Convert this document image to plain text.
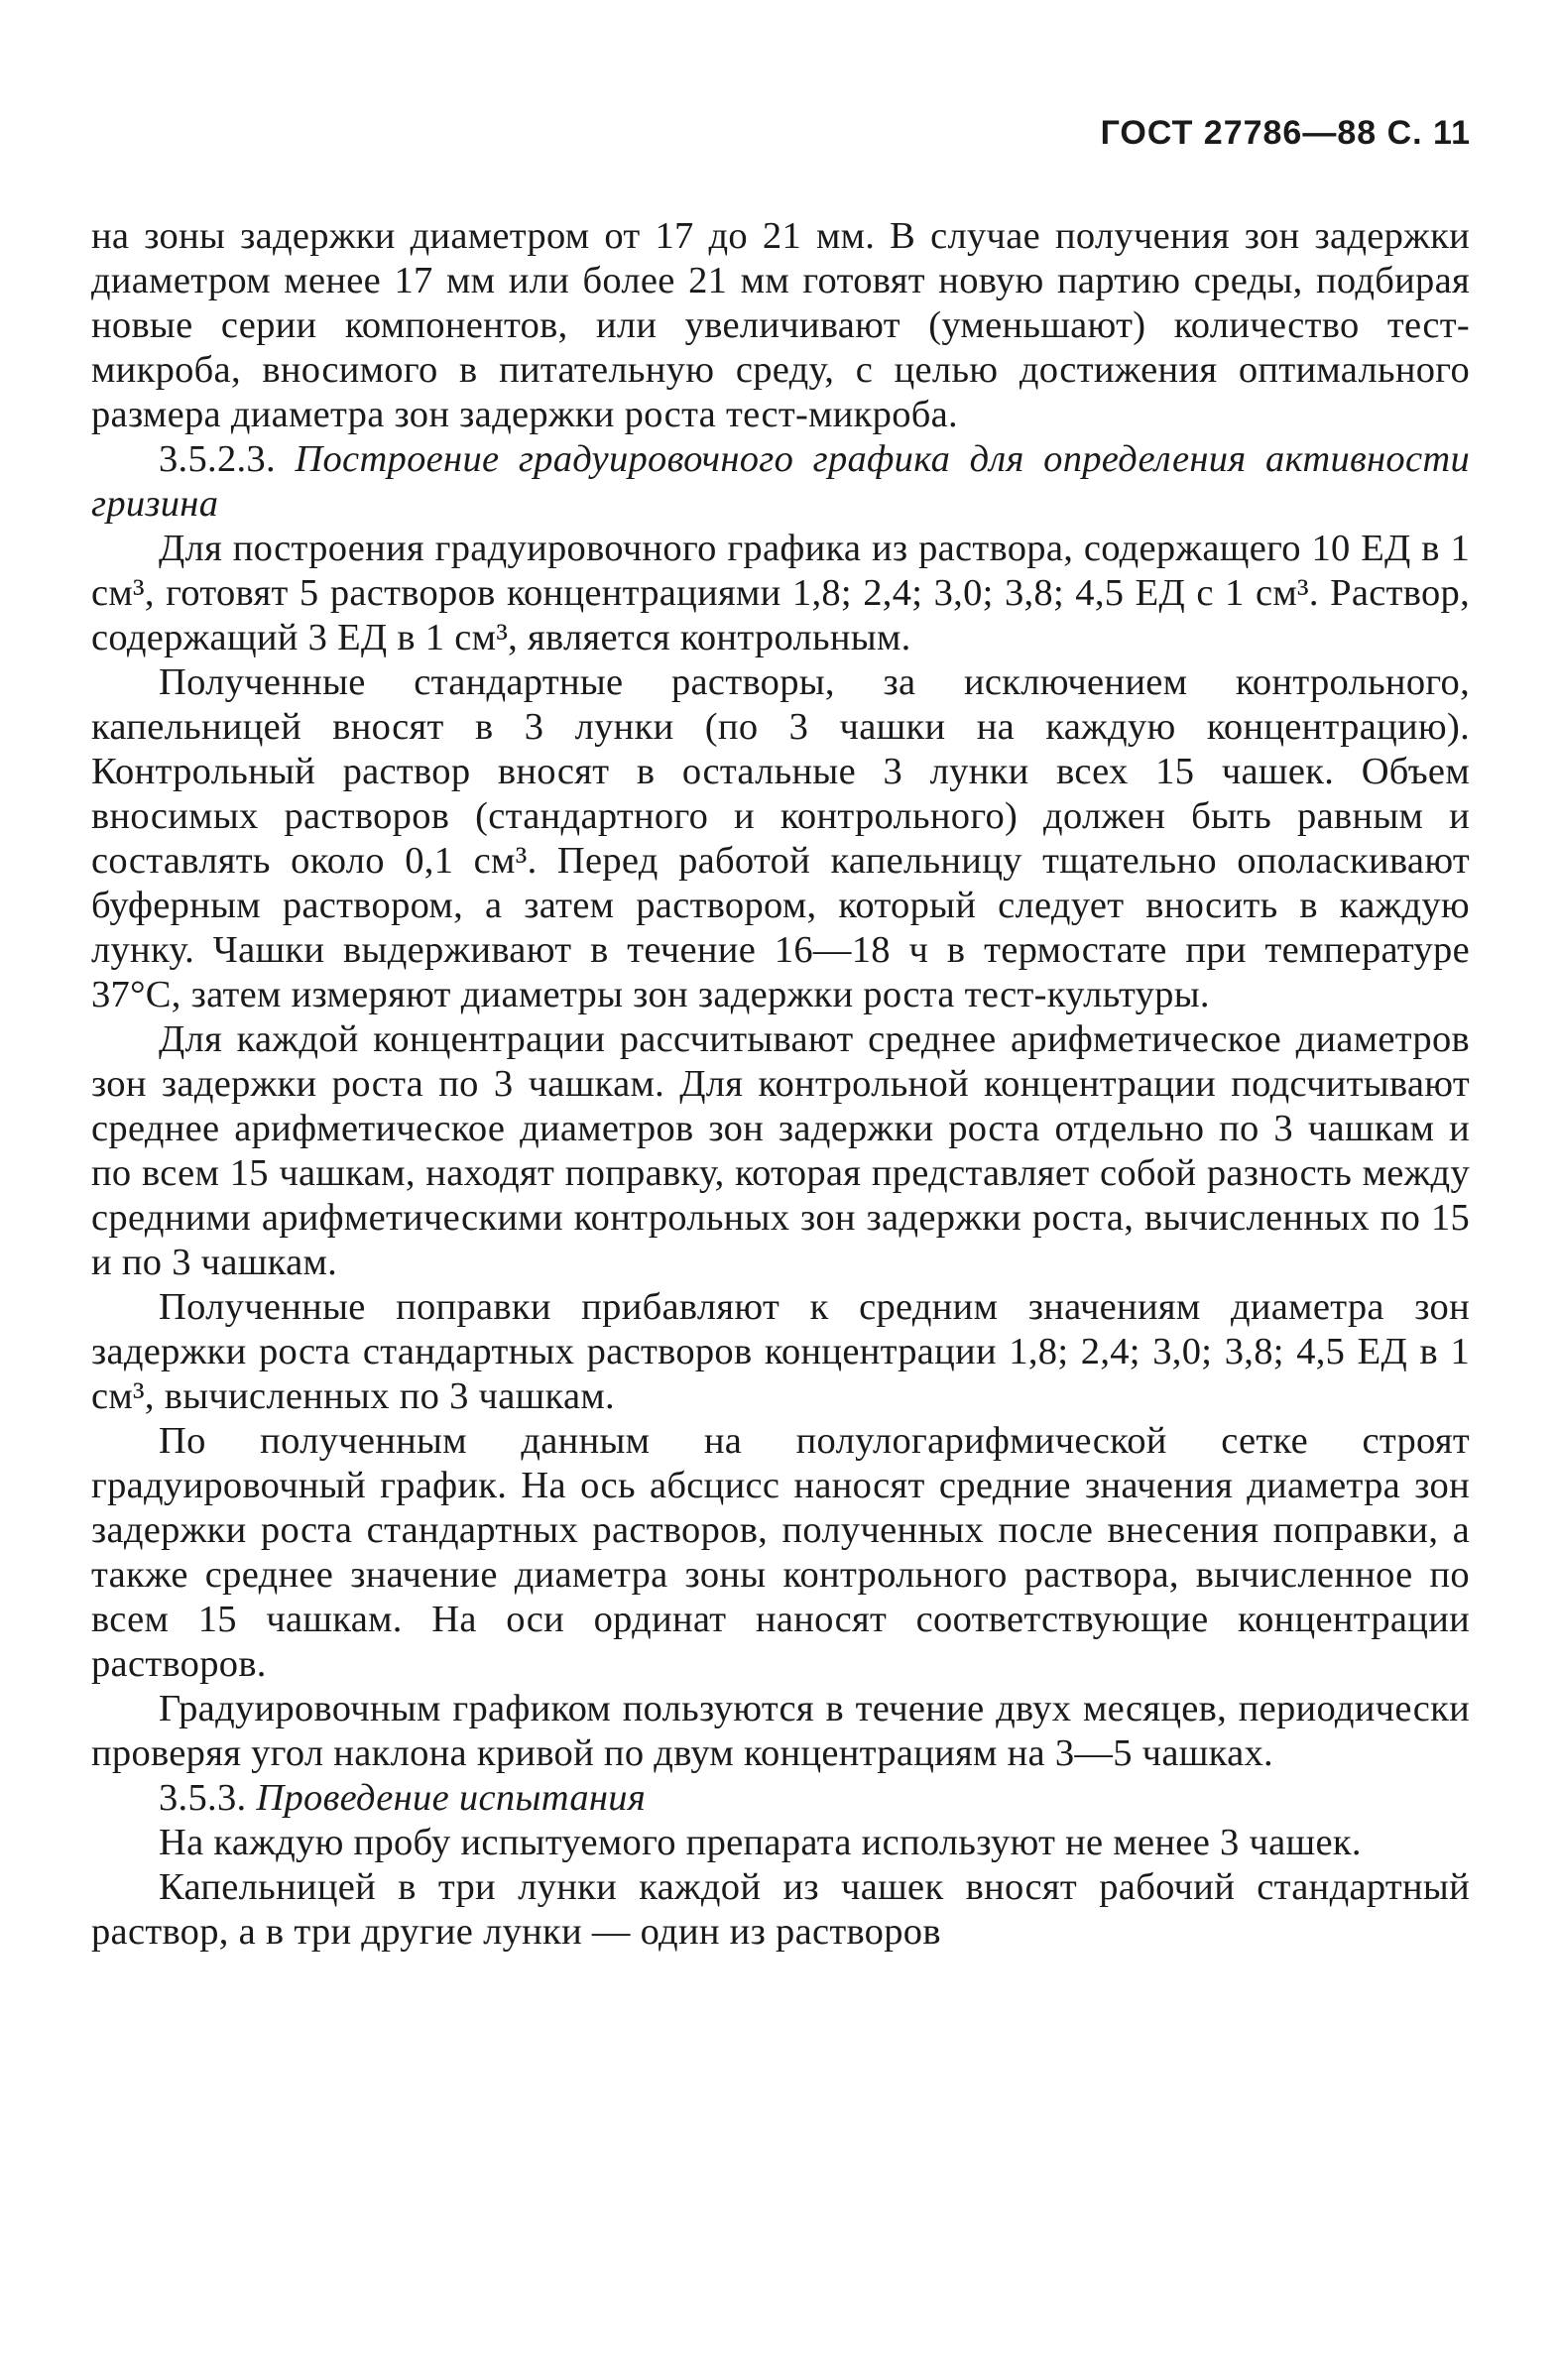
ГОСТ 27786—88 С. 11

на зоны задержки диаметром от 17 до 21 мм. В случае получения зон задержки диаметром менее 17 мм или более 21 мм готовят новую партию среды, подбирая новые серии компонентов, или увеличивают (уменьшают) количество тест-микроба, вносимого в питательную среду, с целью достижения оптимального размера диаметра зон задержки роста тест-микроба.

3.5.2.3. Построение градуировочного графика для определения активности гризина

Для построения градуировочного графика из раствора, содержащего 10 ЕД в 1 см³, готовят 5 растворов концентрациями 1,8; 2,4; 3,0; 3,8; 4,5 ЕД с 1 см³. Раствор, содержащий 3 ЕД в 1 см³, является контрольным.

Полученные стандартные растворы, за исключением контрольного, капельницей вносят в 3 лунки (по 3 чашки на каждую концентрацию). Контрольный раствор вносят в остальные 3 лунки всех 15 чашек. Объем вносимых растворов (стандартного и контрольного) должен быть равным и составлять около 0,1 см³. Перед работой капельницу тщательно ополаскивают буферным раствором, а затем раствором, который следует вносить в каждую лунку. Чашки выдерживают в течение 16—18 ч в термостате при температуре 37°С, затем измеряют диаметры зон задержки роста тест-культуры.

Для каждой концентрации рассчитывают среднее арифметическое диаметров зон задержки роста по 3 чашкам. Для контрольной концентрации подсчитывают среднее арифметическое диаметров зон задержки роста отдельно по 3 чашкам и по всем 15 чашкам, находят поправку, которая представляет собой разность между средними арифметическими контрольных зон задержки роста, вычисленных по 15 и по 3 чашкам.

Полученные поправки прибавляют к средним значениям диаметра зон задержки роста стандартных растворов концентрации 1,8; 2,4; 3,0; 3,8; 4,5 ЕД в 1 см³, вычисленных по 3 чашкам.

По полученным данным на полулогарифмической сетке строят градуировочный график. На ось абсцисс наносят средние значения диаметра зон задержки роста стандартных растворов, полученных после внесения поправки, а также среднее значение диаметра зоны контрольного раствора, вычисленное по всем 15 чашкам. На оси ординат наносят соответствующие концентрации растворов.

Градуировочным графиком пользуются в течение двух месяцев, периодически проверяя угол наклона кривой по двум концентрациям на 3—5 чашках.

3.5.3. Проведение испытания

На каждую пробу испытуемого препарата используют не менее 3 чашек.

Капельницей в три лунки каждой из чашек вносят рабочий стандартный раствор, а в три другие лунки — один из растворов
